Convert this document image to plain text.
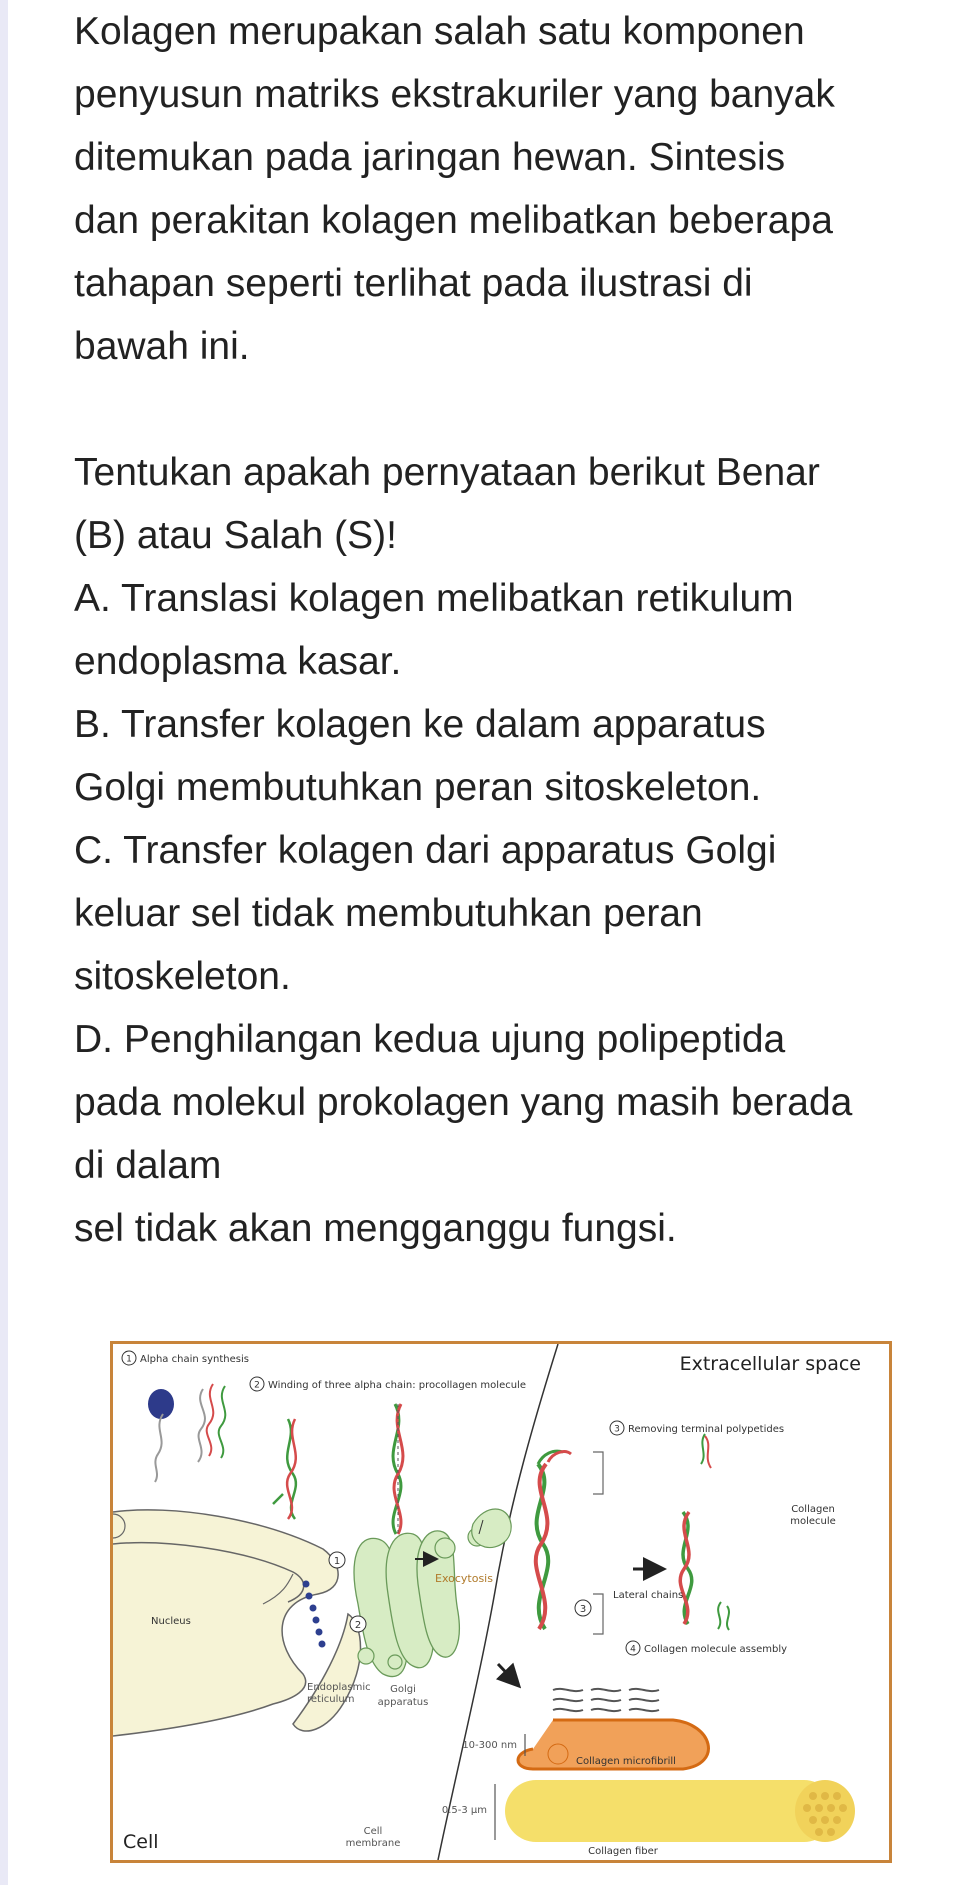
Kolagen merupakan salah satu komponen

penyusun matriks ekstrakuriler yang banyak

ditemukan pada jaringan hewan. Sintesis

dan perakitan kolagen melibatkan beberapa

tahapan seperti terlihat pada ilustrasi di

bawah ini.

Tentukan apakah pernyataan berikut Benar

(B) atau Salah (S)!

A. Translasi kolagen melibatkan retikulum

endoplasma kasar.

B. Transfer kolagen ke dalam apparatus

Golgi membutuhkan peran sitoskeleton.

C. Transfer kolagen dari apparatus Golgi

keluar sel tidak membutuhkan peran

sitoskeleton.

D. Penghilangan kedua ujung polipeptida

pada molekul prokolagen yang masih berada

di dalam

sel tidak akan mengganggu fungsi.

1
2
3
4
1
2
3
Extracellular space
Alpha chain synthesis
Winding of three alpha chain: procollagen molecule
Removing terminal polypetides
Collagen
molecule
Lateral chains
Exocytosis
Collagen molecule assembly
Nucleus
Endoplasmic
reticulum
Golgi
apparatus
10-300 nm
Collagen microfibrill
0.5-3 µm
Collagen fiber
Cell	Cell
membrane
